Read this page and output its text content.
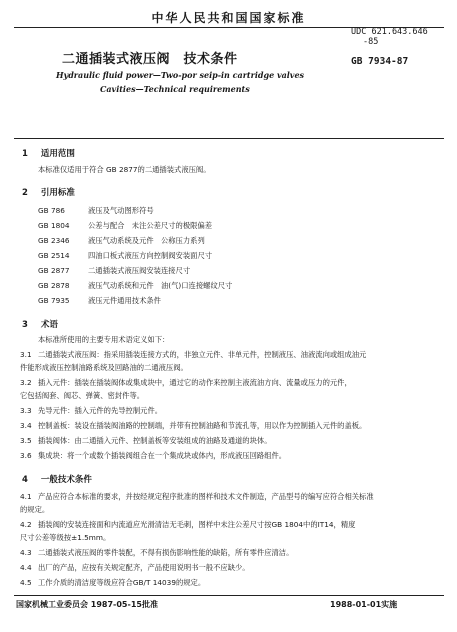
中华人民共和国国家标准
UDC 621.643.646
-85
GB 7934-87
二通插装式液压阀　技术条件
Hydraulic fluid power—Two-por seip-in cartridge valves
Cavities—Technical requirements
1 适用范围
本标准仅适用于符合 GB 2877的二通插装式液压阀。
2 引用标准
GB 786	液压及气动图形符号
GB 1804	公差与配合　未注公差尺寸的极限偏差
GB 2346	液压气动系统及元件　公称压力系列
GB 2514	四油口板式液压方向控制阀安装面尺寸
GB 2877	二通插装式液压阀安装连接尺寸
GB 2878	液压气动系统和元件　油(气)口连接螺纹尺寸
GB 7935	液压元件通用技术条件
3 术语
本标准所使用的主要专用术语定义如下：
3.1 二通插装式液压阀：指采用插装连接方式的，非独立元件、非单元件，控制液压、油液流向或组成油元
件能形成液压控制油路系统及回路油的二通液压阀。
3.2 插入元件：插装在插装阀体或集成块中，通过它的动作来控制主液流油方向、流量或压力的元件，
它包括阀套、阀芯、弹簧、密封件等。
3.3 先导元件：插入元件的先导控制元件。
3.4 控制盖板：装设在插装阀油路的控制端，并带有控制油路和节流孔等，用以作为控制插入元件的盖板。
3.5 插装阀体：由二通插入元件、控制盖板等安装组成的油路及通道的块体。
3.6 集成块：将一个或数个插装阀组合在一个集成块或体内，形成液压回路组件。
4 一般技术条件
4.1 产品应符合本标准的要求，并按经规定程序批准的图样和技术文件制造，产品型号的编写应符合相关标准
的规定。
4.2 插装阀的安装连接面和内流道应光滑清洁无毛刺，图样中未注公差尺寸按GB 1804中的IT14，精度
尺寸公差等级按±1.5mm。
4.3 二通插装式液压阀的零件装配，不得有损伤影响性能的缺陷，所有零件应清洁。
4.4 出厂的产品，应按有关规定配齐，产品使用说明书一般不应缺少。
4.5 工作介质的清洁度等级应符合GB/T 14039的规定。
国家机械工业委员会 1987-05-15批准	1988-01-01实施
